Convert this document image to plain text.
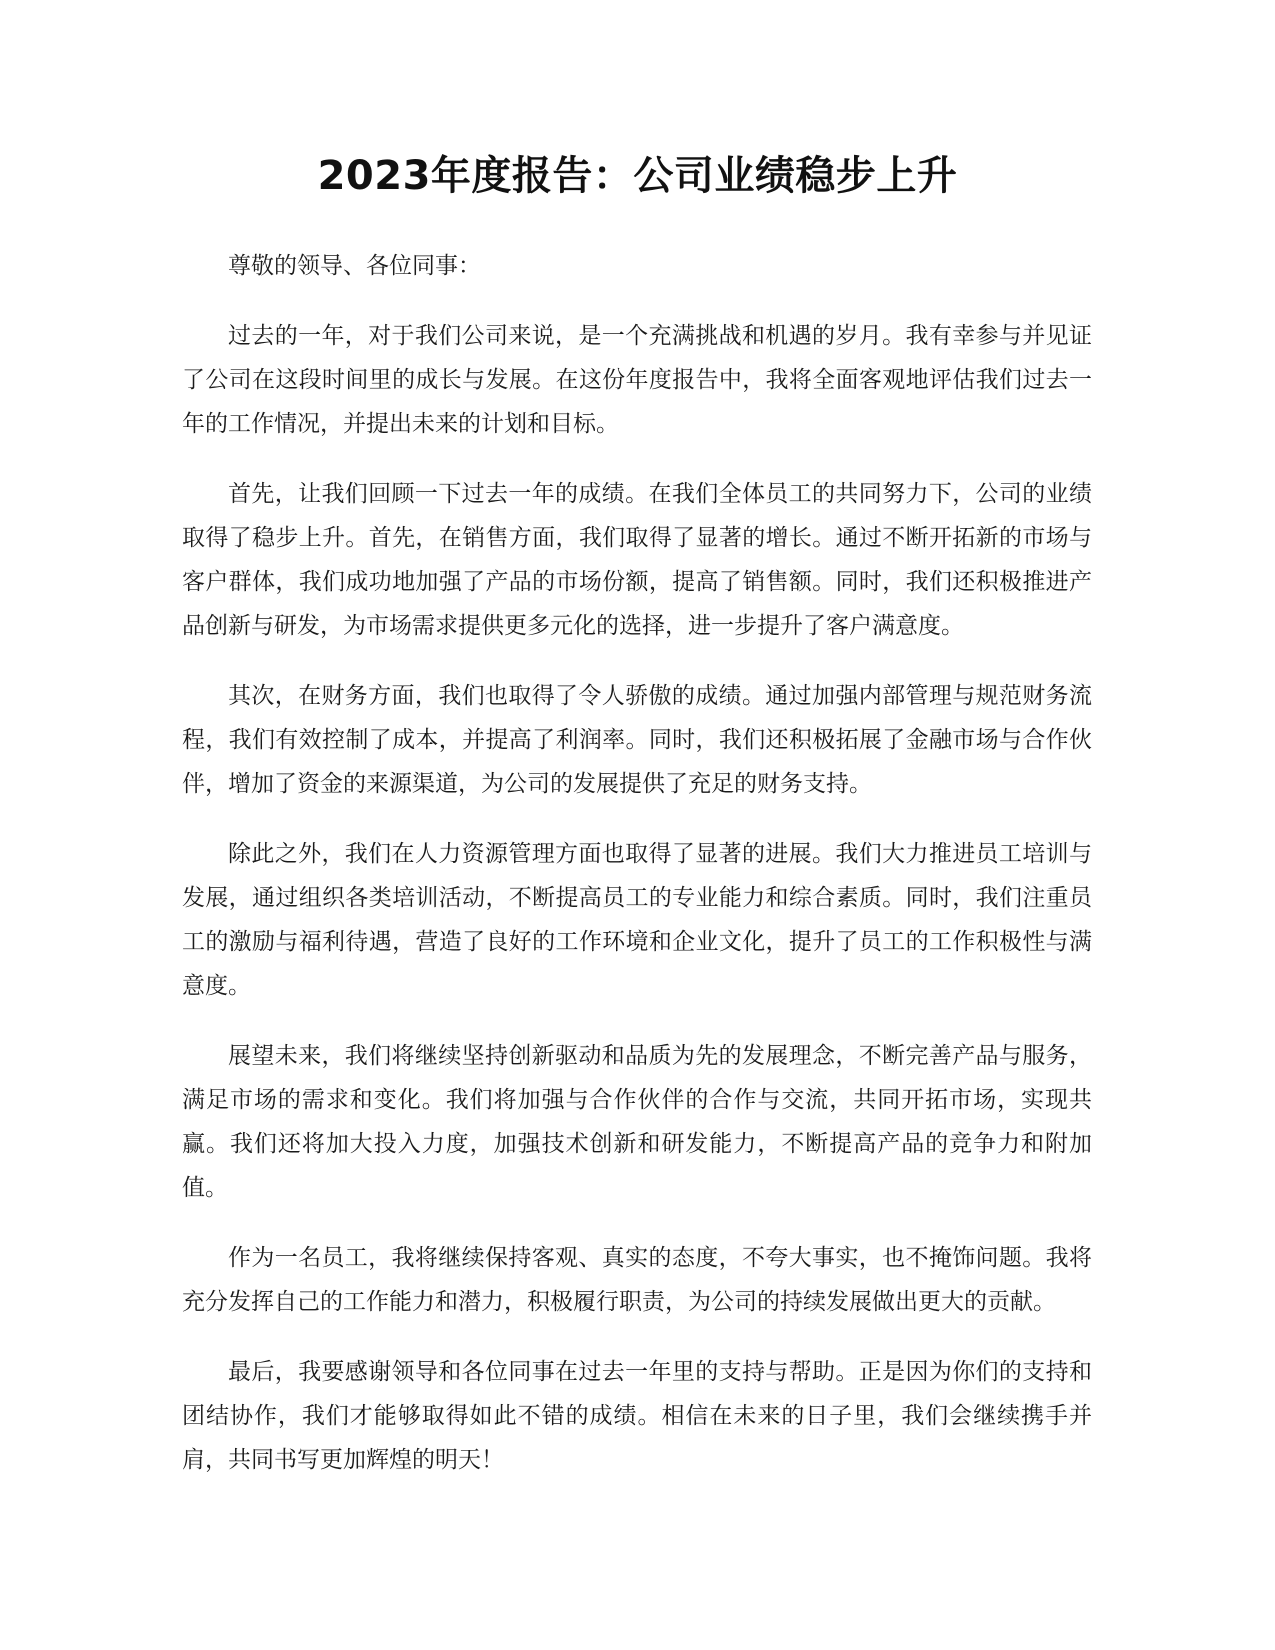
2023年度报告：公司业绩稳步上升

尊敬的领导、各位同事：

过去的一年，对于我们公司来说，是一个充满挑战和机遇的岁月。我有幸参与并见证了公司在这段时间里的成长与发展。在这份年度报告中，我将全面客观地评估我们过去一年的工作情况，并提出未来的计划和目标。

首先，让我们回顾一下过去一年的成绩。在我们全体员工的共同努力下，公司的业绩取得了稳步上升。首先，在销售方面，我们取得了显著的增长。通过不断开拓新的市场与客户群体，我们成功地加强了产品的市场份额，提高了销售额。同时，我们还积极推进产品创新与研发，为市场需求提供更多元化的选择，进一步提升了客户满意度。

其次，在财务方面，我们也取得了令人骄傲的成绩。通过加强内部管理与规范财务流程，我们有效控制了成本，并提高了利润率。同时，我们还积极拓展了金融市场与合作伙伴，增加了资金的来源渠道，为公司的发展提供了充足的财务支持。

除此之外，我们在人力资源管理方面也取得了显著的进展。我们大力推进员工培训与发展，通过组织各类培训活动，不断提高员工的专业能力和综合素质。同时，我们注重员工的激励与福利待遇，营造了良好的工作环境和企业文化，提升了员工的工作积极性与满意度。

展望未来，我们将继续坚持创新驱动和品质为先的发展理念，不断完善产品与服务，满足市场的需求和变化。我们将加强与合作伙伴的合作与交流，共同开拓市场，实现共赢。我们还将加大投入力度，加强技术创新和研发能力，不断提高产品的竞争力和附加值。

作为一名员工，我将继续保持客观、真实的态度，不夸大事实，也不掩饰问题。我将充分发挥自己的工作能力和潜力，积极履行职责，为公司的持续发展做出更大的贡献。

最后，我要感谢领导和各位同事在过去一年里的支持与帮助。正是因为你们的支持和团结协作，我们才能够取得如此不错的成绩。相信在未来的日子里，我们会继续携手并肩，共同书写更加辉煌的明天！
